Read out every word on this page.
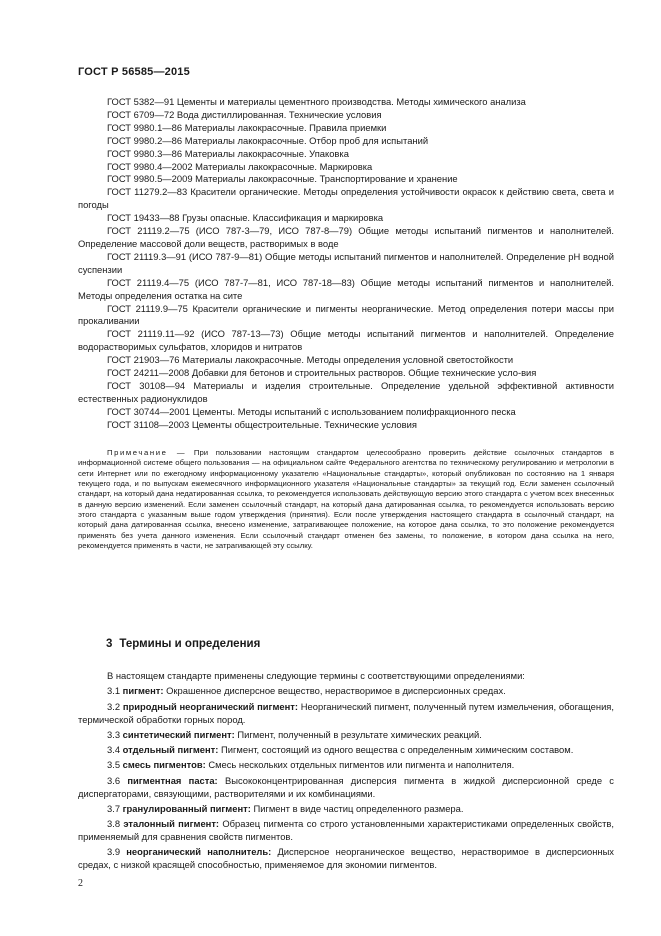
ГОСТ Р 56585—2015

ГОСТ 5382—91 Цементы и материалы цементного производства. Методы химического анализа

ГОСТ 6709—72 Вода дистиллированная. Технические условия

ГОСТ 9980.1—86 Материалы лакокрасочные. Правила приемки

ГОСТ 9980.2—86 Материалы лакокрасочные. Отбор проб для испытаний

ГОСТ 9980.3—86 Материалы лакокрасочные. Упаковка

ГОСТ 9980.4—2002 Материалы лакокрасочные. Маркировка

ГОСТ 9980.5—2009 Материалы лакокрасочные. Транспортирование и хранение

ГОСТ 11279.2—83 Красители органические. Методы определения устойчивости окрасок к действию света, света и погоды

ГОСТ 19433—88 Грузы опасные. Классификация и маркировка

ГОСТ 21119.2—75 (ИСО 787-3—79, ИСО 787-8—79) Общие методы испытаний пигментов и наполнителей. Определение массовой доли веществ, растворимых в воде

ГОСТ 21119.3—91 (ИСО 787-9—81) Общие методы испытаний пигментов и наполнителей. Определение pH водной суспензии

ГОСТ 21119.4—75 (ИСО 787-7—81, ИСО 787-18—83) Общие методы испытаний пигментов и наполнителей. Методы определения остатка на сите

ГОСТ 21119.9—75 Красители органические и пигменты неорганические. Метод определения потери массы при прокаливании

ГОСТ 21119.11—92 (ИСО 787-13—73) Общие методы испытаний пигментов и наполнителей. Определение водорастворимых сульфатов, хлоридов и нитратов

ГОСТ 21903—76 Материалы лакокрасочные. Методы определения условной светостойкости

ГОСТ 24211—2008 Добавки для бетонов и строительных растворов. Общие технические усло-вия

ГОСТ 30108—94 Материалы и изделия строительные. Определение удельной эффективной активности естественных радионуклидов

ГОСТ 30744—2001 Цементы. Методы испытаний с использованием полифракционного песка

ГОСТ 31108—2003 Цементы общестроительные. Технические условия

Примечание — При пользовании настоящим стандартом целесообразно проверить действие ссылочных стандартов в информационной системе общего пользования — на официальном сайте Федерального агентства по техническому регулированию и метрологии в сети Интернет или по ежегодному информационному указателю «Национальные стандарты», который опубликован по состоянию на 1 января текущего года, и по выпускам ежемесячного информационного указателя «Национальные стандарты» за текущий год. Если заменен ссылочный стандарт, на который дана недатированная ссылка, то рекомендуется использовать действующую версию этого стандарта с учетом всех внесенных в данную версию изменений. Если заменен ссылочный стандарт, на который дана датированная ссылка, то рекомендуется использовать версию этого стандарта с указанным выше годом утверждения (принятия). Если после утверждения настоящего стандарта в ссылочный стандарт, на который дана датированная ссылка, внесено изменение, затрагивающее положение, на которое дана ссылка, то это положение рекомендуется применять без учета данного изменения. Если ссылочный стандарт отменен без замены, то положение, в котором дана ссылка на него, рекомендуется применять в части, не затрагивающей эту ссылку.

3 Термины и определения

В настоящем стандарте применены следующие термины с соответствующими определениями:

3.1 пигмент: Окрашенное дисперсное вещество, нерастворимое в дисперсионных средах.

3.2 природный неорганический пигмент: Неорганический пигмент, полученный путем измельчения, обогащения, термической обработки горных пород.

3.3 синтетический пигмент: Пигмент, полученный в результате химических реакций.

3.4 отдельный пигмент: Пигмент, состоящий из одного вещества с определенным химическим составом.

3.5 смесь пигментов: Смесь нескольких отдельных пигментов или пигмента и наполнителя.

3.6 пигментная паста: Высококонцентрированная дисперсия пигмента в жидкой дисперсионной среде с диспергаторами, связующими, растворителями и их комбинациями.

3.7 гранулированный пигмент: Пигмент в виде частиц определенного размера.

3.8 эталонный пигмент: Образец пигмента со строго установленными характеристиками определенных свойств, применяемый для сравнения свойств пигментов.

3.9 неорганический наполнитель: Дисперсное неорганическое вещество, нерастворимое в дисперсионных средах, с низкой красящей способностью, применяемое для экономии пигментов.

2
